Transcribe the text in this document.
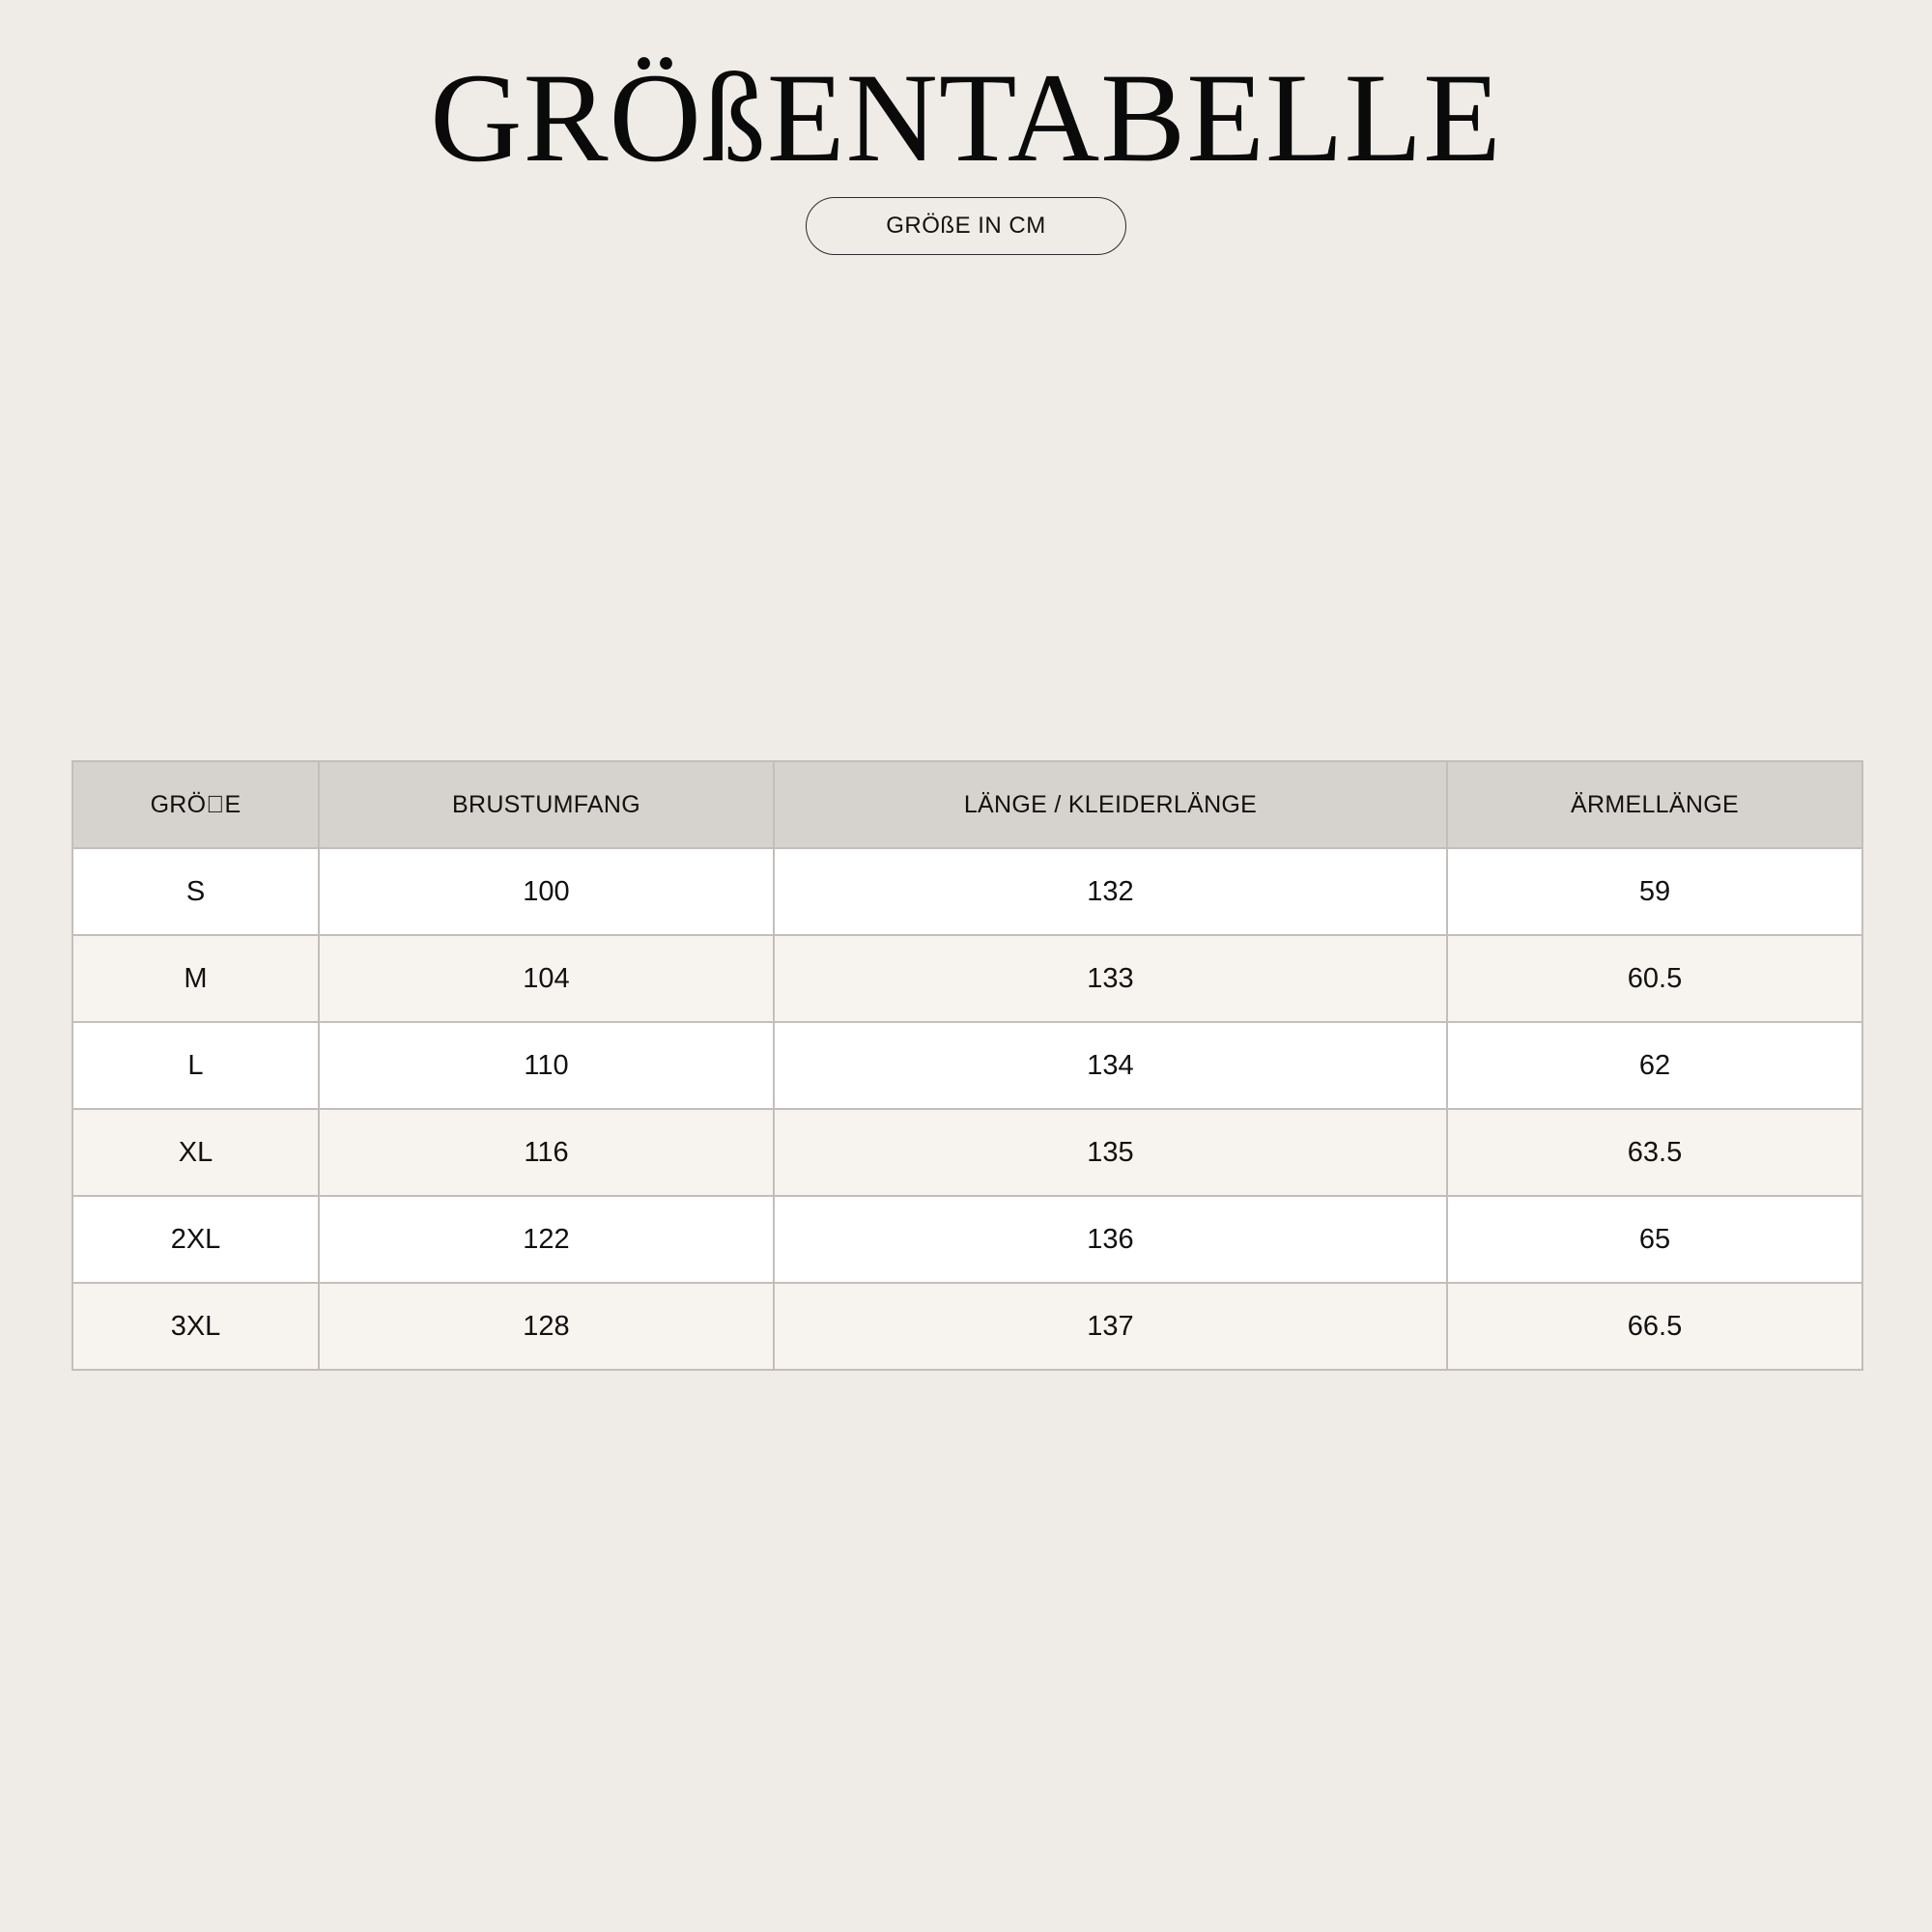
GRÖßENTABELLE
GRÖßE IN CM
GRÖ E	BRUSTUMFANG	LÄNGE / KLEIDERLÄNGE	ÄRMELLÄNGE
S	100	132	59
M	104	133	60.5
L	110	134	62
XL	116	135	63.5
2XL	122	136	65
3XL	128	137	66.5
